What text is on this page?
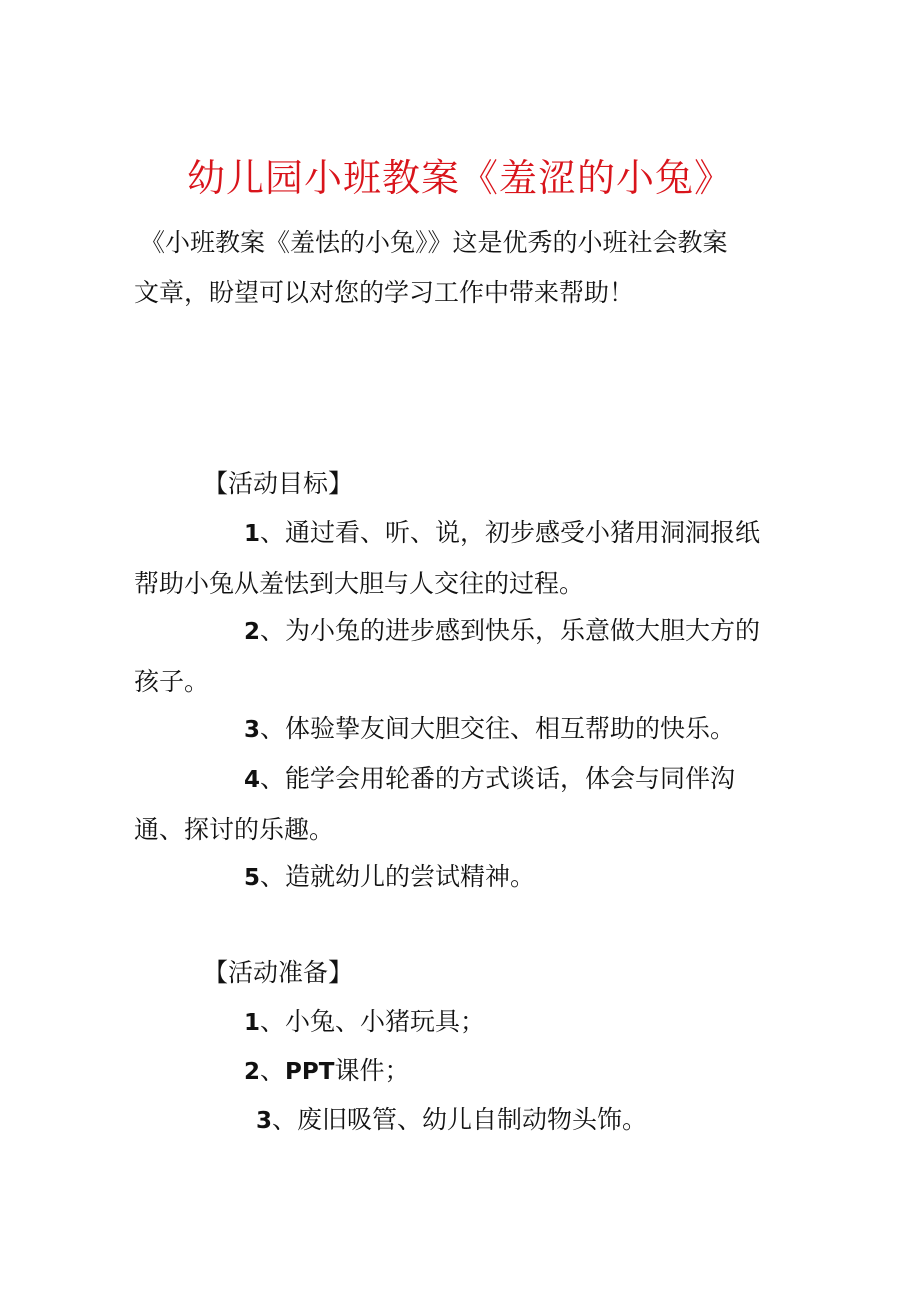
幼儿园小班教案《羞涩的小兔》
《小班教案《羞怯的小兔》》这是优秀的小班社会教案
文章，盼望可以对您的学习工作中带来帮助！
【活动目标】
1、通过看、听、说，初步感受小猪用洞洞报纸
帮助小兔从羞怯到大胆与人交往的过程。
2、为小兔的进步感到快乐，乐意做大胆大方的
孩子。
3、体验挚友间大胆交往、相互帮助的快乐。
4、能学会用轮番的方式谈话，体会与同伴沟
通、探讨的乐趣。
5、造就幼儿的尝试精神。
【活动准备】
1、小兔、小猪玩具；
2、PPT课件；
3、废旧吸管、幼儿自制动物头饰。
